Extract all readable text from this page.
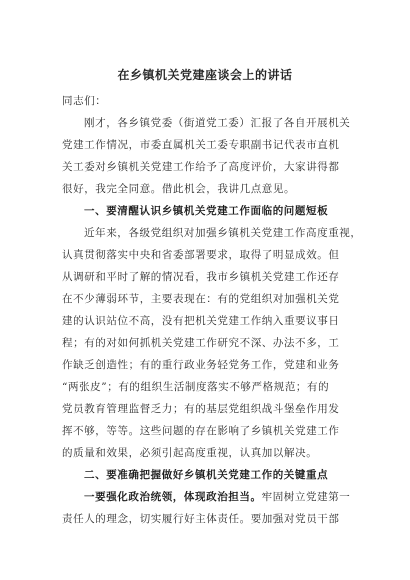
在乡镇机关党建座谈会上的讲话
同志们：
刚才，各乡镇党委（街道党工委）汇报了各自开展机关
党建工作情况，市委直属机关工委专职副书记代表市直机
关工委对乡镇机关党建工作给予了高度评价，大家讲得都
很好，我完全同意。借此机会，我讲几点意见。
一、要清醒认识乡镇机关党建工作面临的问题短板
近年来，各级党组织对加强乡镇机关党建工作高度重视，
认真贯彻落实中央和省委部署要求，取得了明显成效。但
从调研和平时了解的情况看，我市乡镇机关党建工作还存
在不少薄弱环节，主要表现在：有的党组织对加强机关党
建的认识站位不高，没有把机关党建工作纳入重要议事日
程；有的对如何抓机关党建工作研究不深、办法不多，工
作缺乏创造性；有的重行政业务轻党务工作，党建和业务
“两张皮”；有的组织生活制度落实不够严格规范；有的
党员教育管理监督乏力；有的基层党组织战斗堡垒作用发
挥不够，等等。这些问题的存在影响了乡镇机关党建工作
的质量和效果，必须引起高度重视，认真加以解决。
二、要准确把握做好乡镇机关党建工作的关键重点
一要强化政治统领，体现政治担当。牢固树立党建第一
责任人的理念，切实履行好主体责任。要加强对党员干部
